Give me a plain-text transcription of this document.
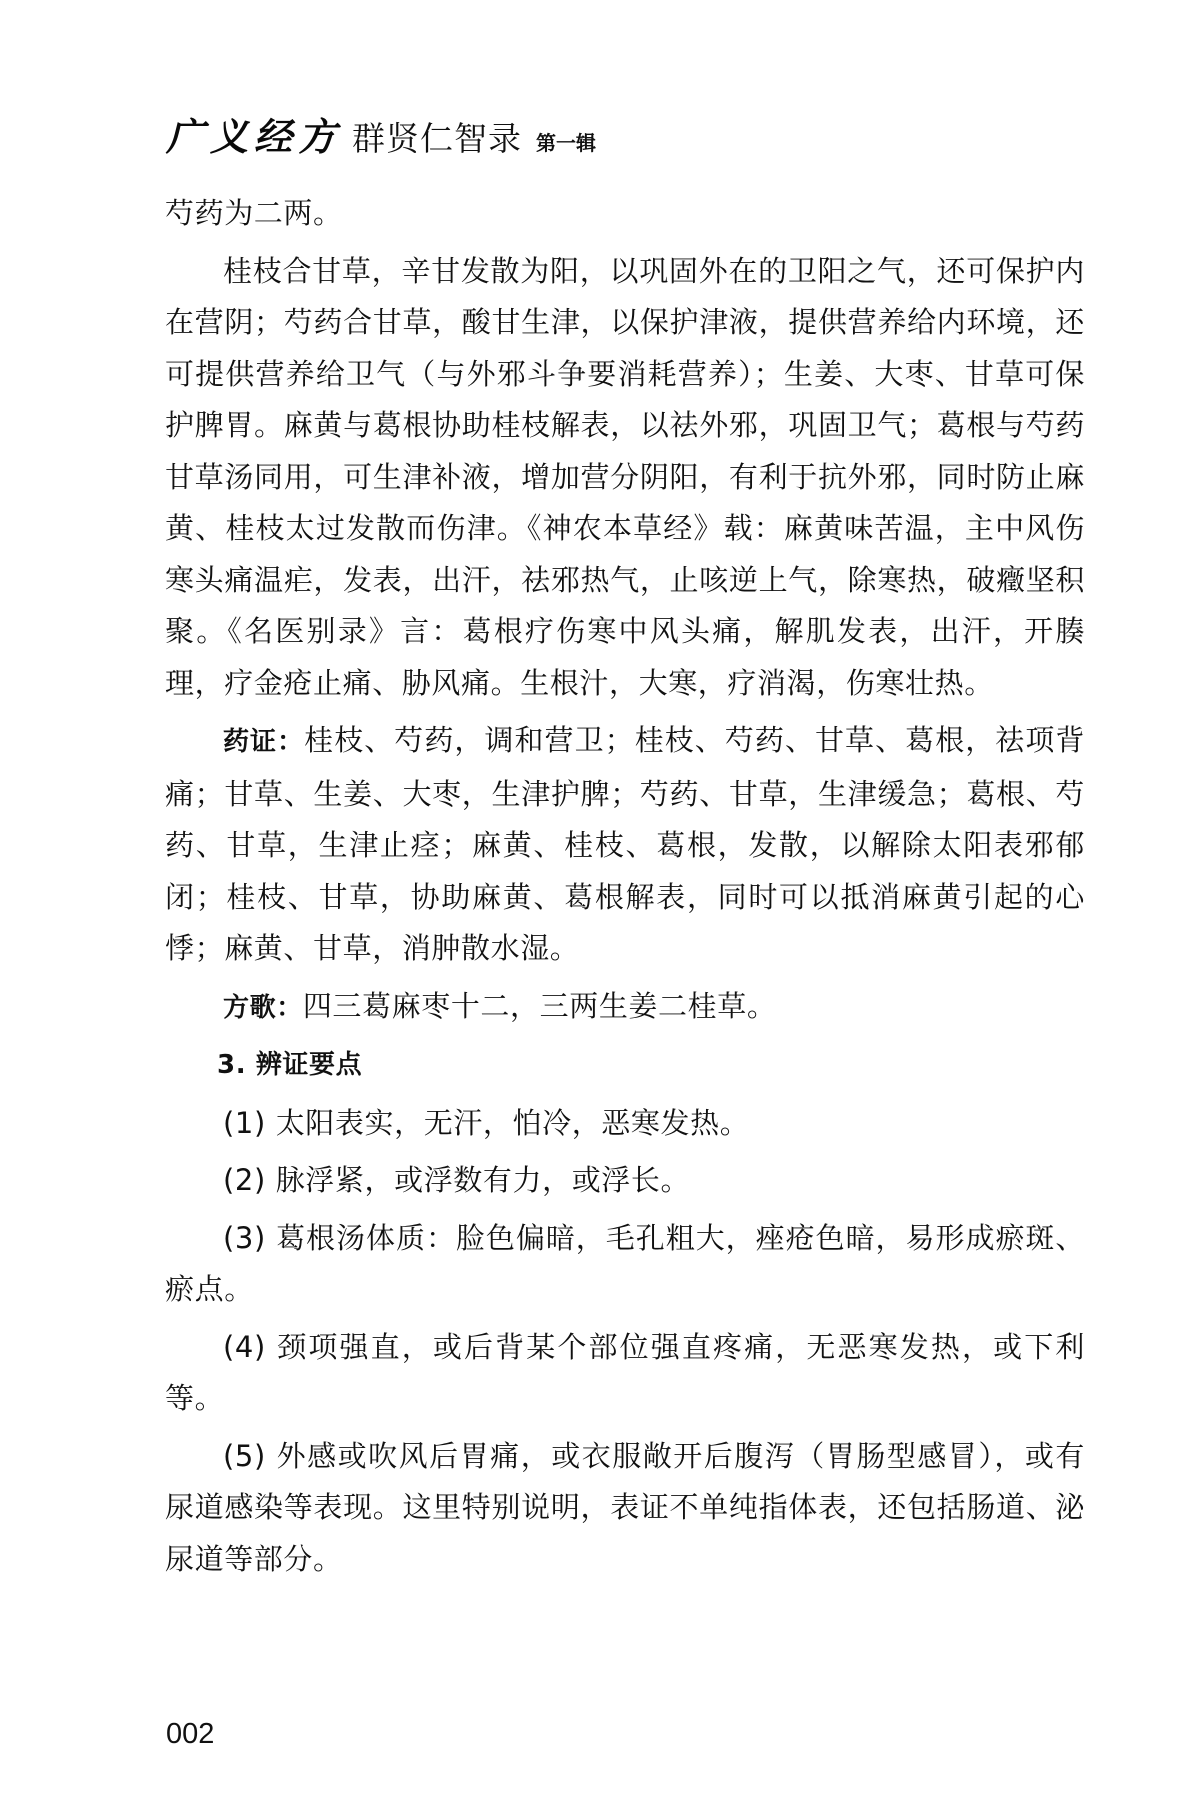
广义经方 群贤仁智录 第一辑

芍药为二两。

桂枝合甘草，辛甘发散为阳，以巩固外在的卫阳之气，还可保护内在营阴；芍药合甘草，酸甘生津，以保护津液，提供营养给内环境，还可提供营养给卫气（与外邪斗争要消耗营养）；生姜、大枣、甘草可保护脾胃。麻黄与葛根协助桂枝解表，以祛外邪，巩固卫气；葛根与芍药甘草汤同用，可生津补液，增加营分阴阳，有利于抗外邪，同时防止麻黄、桂枝太过发散而伤津。《神农本草经》载：麻黄味苦温，主中风伤寒头痛温疟，发表，出汗，祛邪热气，止咳逆上气，除寒热，破癥坚积聚。《名医别录》言：葛根疗伤寒中风头痛，解肌发表，出汗，开腠理，疗金疮止痛、胁风痛。生根汁，大寒，疗消渴，伤寒壮热。

药证：桂枝、芍药，调和营卫；桂枝、芍药、甘草、葛根，祛项背痛；甘草、生姜、大枣，生津护脾；芍药、甘草，生津缓急；葛根、芍药、甘草，生津止痉；麻黄、桂枝、葛根，发散，以解除太阳表邪郁闭；桂枝、甘草，协助麻黄、葛根解表，同时可以抵消麻黄引起的心悸；麻黄、甘草，消肿散水湿。

方歌：四三葛麻枣十二，三两生姜二桂草。

3. 辨证要点

(1) 太阳表实，无汗，怕冷，恶寒发热。

(2) 脉浮紧，或浮数有力，或浮长。

(3) 葛根汤体质：脸色偏暗，毛孔粗大，痤疮色暗，易形成瘀斑、瘀点。

(4) 颈项强直，或后背某个部位强直疼痛，无恶寒发热，或下利等。

(5) 外感或吹风后胃痛，或衣服敞开后腹泻（胃肠型感冒），或有尿道感染等表现。这里特别说明，表证不单纯指体表，还包括肠道、泌尿道等部分。

002
